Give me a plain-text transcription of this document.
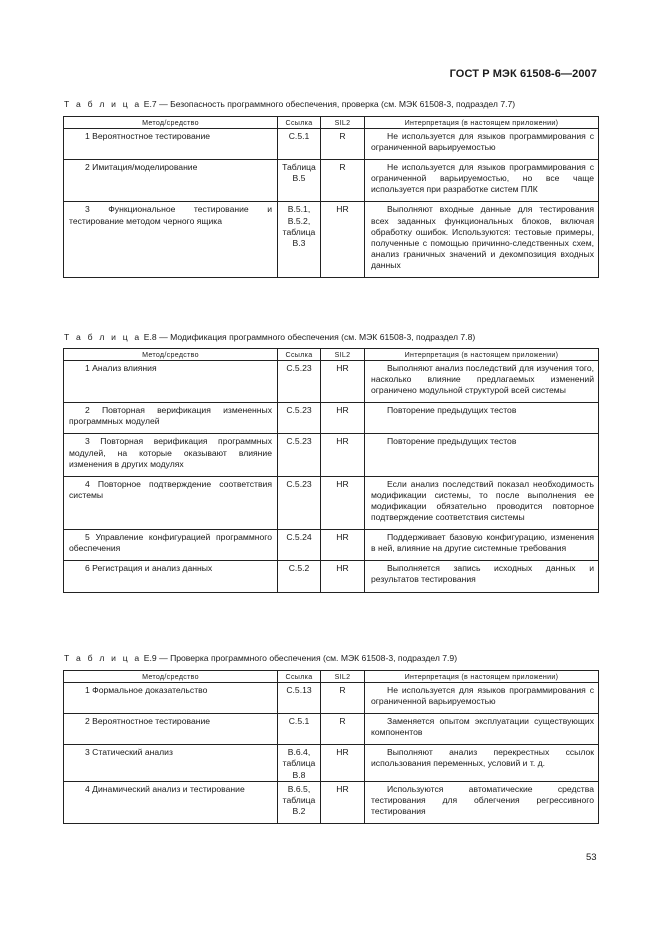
ГОСТ Р МЭК 61508-6—2007
Т а б л и ц а Е.7 — Безопасность программного обеспечения, проверка (см. МЭК 61508-3, подраздел 7.7)
Метод/средство	Ссылка	SIL2	Интерпретация (в настоящем приложении)
1 Вероятностное тестирование	С.5.1	R	Не используется для языков программирования с ограниченной варьируемостью
2 Имитация/моделирование	Таблица В.5	R	Не используется для языков программирования с ограниченной варьируемостью, но все чаще используется при разработке систем ПЛК
3 Функциональное тестирование и тестирование методом черного ящика	В.5.1, В.5.2, таблица В.3	HR	Выполняют входные данные для тестирования всех заданных функциональных блоков, включая обработку ошибок. Используются: тестовые примеры, полученные с помощью причинно-следственных схем, анализ граничных значений и декомпозиция входных данных
Т а б л и ц а Е.8 — Модификация программного обеспечения (см. МЭК 61508-3, подраздел 7.8)
Метод/средство	Ссылка	SIL2	Интерпретация (в настоящем приложении)
1 Анализ влияния	С.5.23	HR	Выполняют анализ последствий для изучения того, насколько влияние предлагаемых изменений ограничено модульной структурой всей системы
2 Повторная верификация измененных программных модулей	С.5.23	HR	Повторение предыдущих тестов
3 Повторная верификация программных модулей, на которые оказывают влияние изменения в других модулях	С.5.23	HR	Повторение предыдущих тестов
4 Повторное подтверждение соответствия системы	С.5.23	HR	Если анализ последствий показал необходимость модификации системы, то после выполнения ее модификации обязательно проводится повторное подтверждение соответствия системы
5 Управление конфигурацией программного обеспечения	С.5.24	HR	Поддерживает базовую конфигурацию, изменения в ней, влияние на другие системные требования
6 Регистрация и анализ данных	С.5.2	HR	Выполняется запись исходных данных и результатов тестирования
Т а б л и ц а Е.9 — Проверка программного обеспечения (см. МЭК 61508-3, подраздел 7.9)
Метод/средство	Ссылка	SIL2	Интерпретация (в настоящем приложении)
1 Формальное доказательство	С.5.13	R	Не используется для языков программирования с ограниченной варьируемостью
2 Вероятностное тестирование	С.5.1	R	Заменяется опытом эксплуатации существующих компонентов
3 Статический анализ	В.6.4, таблица В.8	HR	Выполняют анализ перекрестных ссылок использования переменных, условий и т. д.
4 Динамический анализ и тестирование	В.6.5, таблица В.2	HR	Используются автоматические средства тестирования для облегчения регрессивного тестирования
53
